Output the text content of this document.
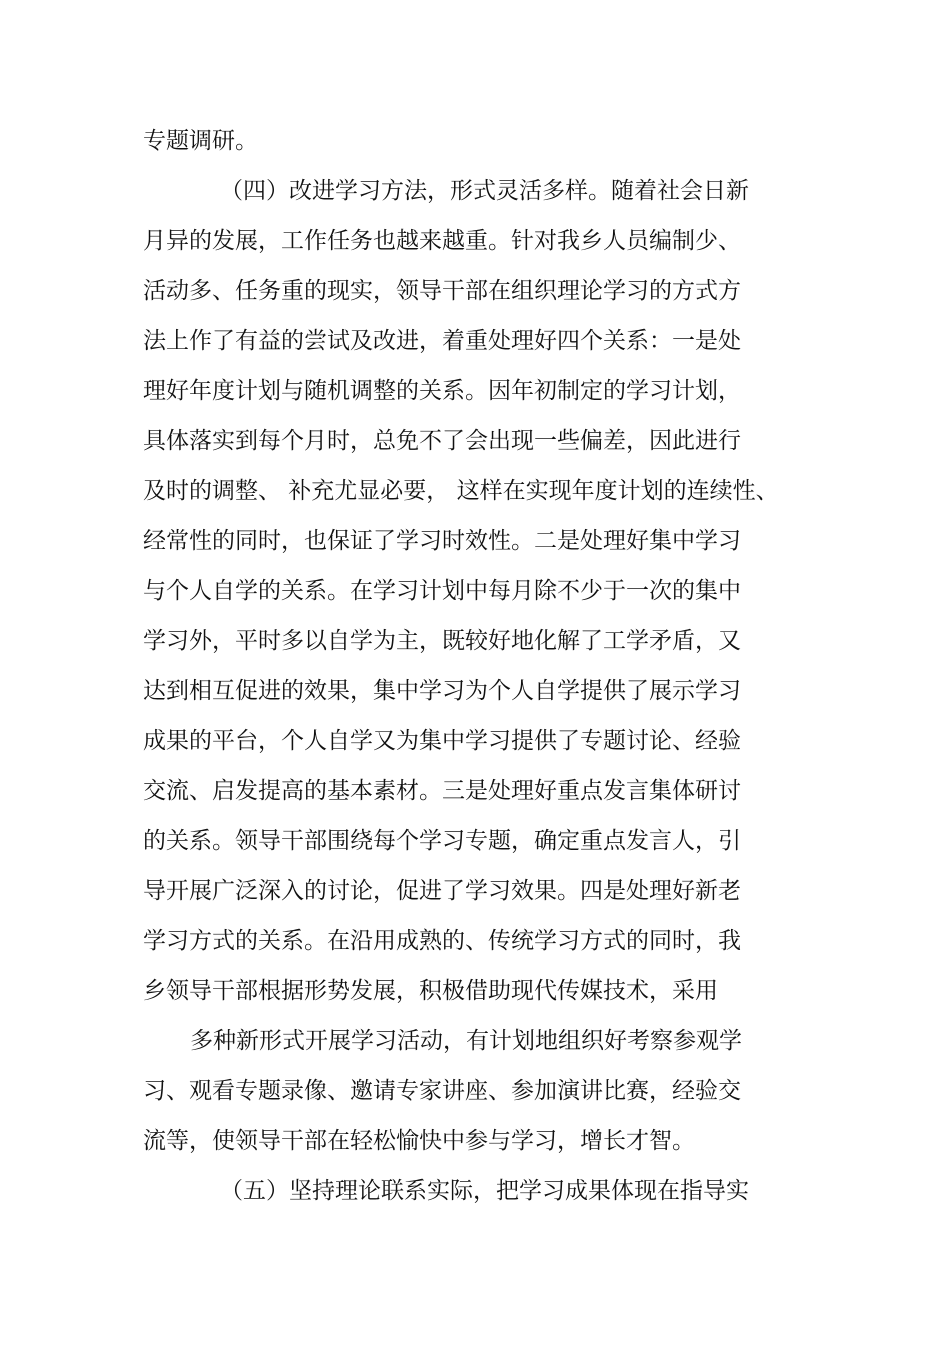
专题调研。
（四）改进学习方法，形式灵活多样。随着社会日新
月异的发展，工作任务也越来越重。针对我乡人员编制少、
活动多、任务重的现实，领导干部在组织理论学习的方式方
法上作了有益的尝试及改进，着重处理好四个关系：一是处
理好年度计划与随机调整的关系。因年初制定的学习计划，
具体落实到每个月时，总免不了会出现一些偏差，因此进行
及时的调整、 补充尤显必要， 这样在实现年度计划的连续性、
经常性的同时，也保证了学习时效性。二是处理好集中学习
与个人自学的关系。在学习计划中每月除不少于一次的集中
学习外，平时多以自学为主，既较好地化解了工学矛盾，又
达到相互促进的效果，集中学习为个人自学提供了展示学习
成果的平台，个人自学又为集中学习提供了专题讨论、经验
交流、启发提高的基本素材。三是处理好重点发言集体研讨
的关系。领导干部围绕每个学习专题，确定重点发言人，引
导开展广泛深入的讨论，促进了学习效果。四是处理好新老
学习方式的关系。在沿用成熟的、传统学习方式的同时，我
乡领导干部根据形势发展，积极借助现代传媒技术，采用
多种新形式开展学习活动，有计划地组织好考察参观学
习、观看专题录像、邀请专家讲座、参加演讲比赛，经验交
流等，使领导干部在轻松愉快中参与学习，增长才智。
（五）坚持理论联系实际，把学习成果体现在指导实
